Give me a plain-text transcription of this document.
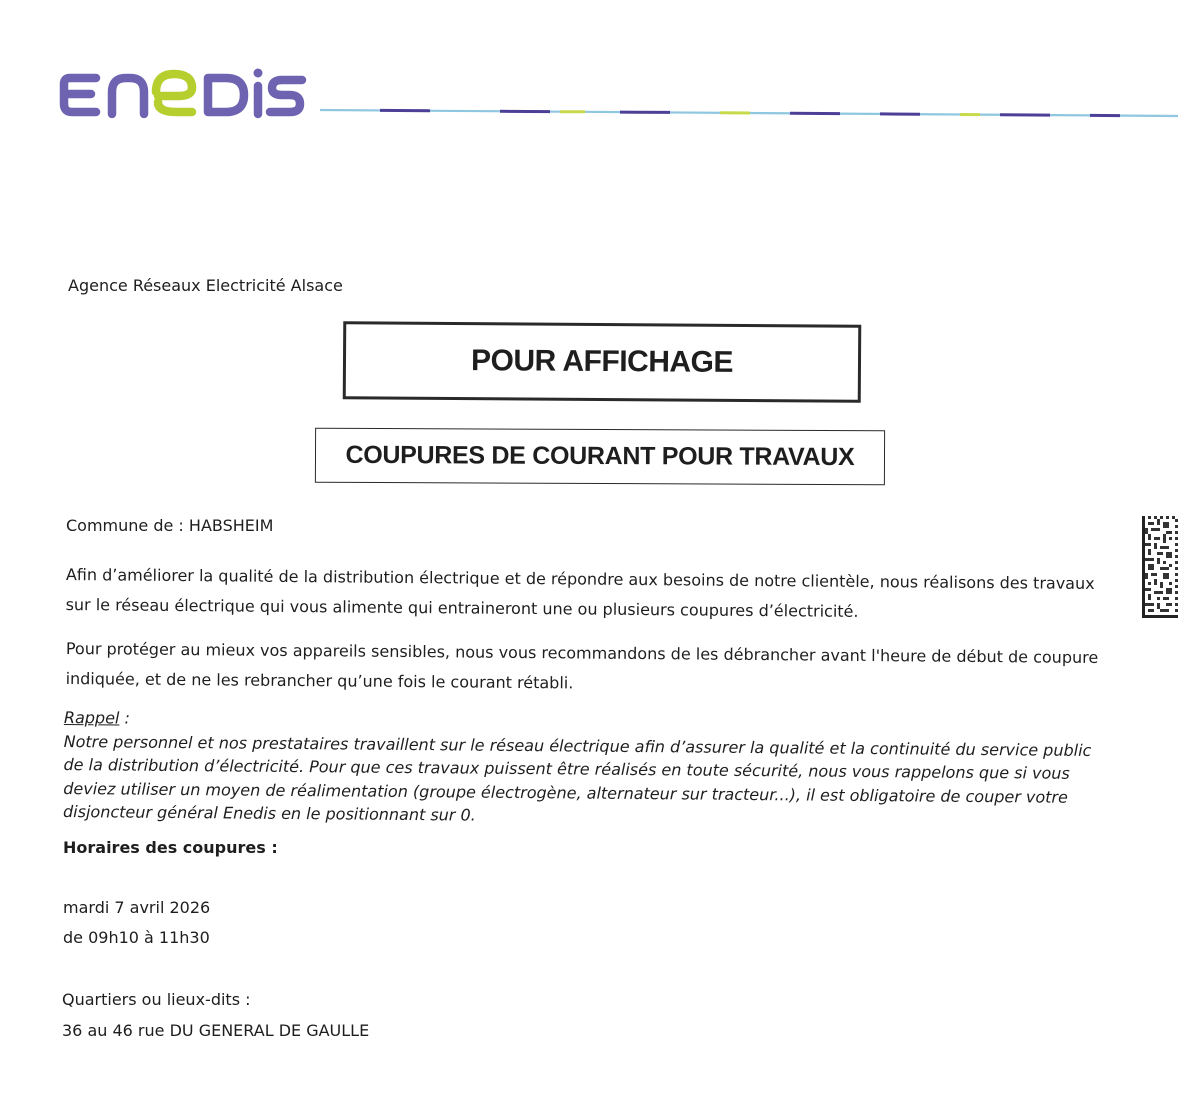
Agence Réseaux Electricité Alsace
POUR AFFICHAGE
COUPURES DE COURANT POUR TRAVAUX
Commune de : HABSHEIM
Afin d’améliorer la qualité de la distribution électrique et de répondre aux besoins de notre clientèle, nous réalisons des travaux sur le réseau électrique qui vous alimente qui entraineront une ou plusieurs coupures d’électricité.
Pour protéger au mieux vos appareils sensibles, nous vous recommandons de les débrancher avant l'heure de début de coupure indiquée, et de ne les rebrancher qu’une fois le courant rétabli.
Rappel :
Notre personnel et nos prestataires travaillent sur le réseau électrique afin d’assurer la qualité et la continuité du service public de la distribution d’électricité. Pour que ces travaux puissent être réalisés en toute sécurité, nous vous rappelons que si vous deviez utiliser un moyen de réalimentation (groupe électrogène, alternateur sur tracteur...), il est obligatoire de couper votre disjoncteur général Enedis en le positionnant sur 0.
Horaires des coupures :
mardi 7 avril 2026
de 09h10 à 11h30
Quartiers ou lieux-dits :
36 au 46 rue DU GENERAL DE GAULLE
